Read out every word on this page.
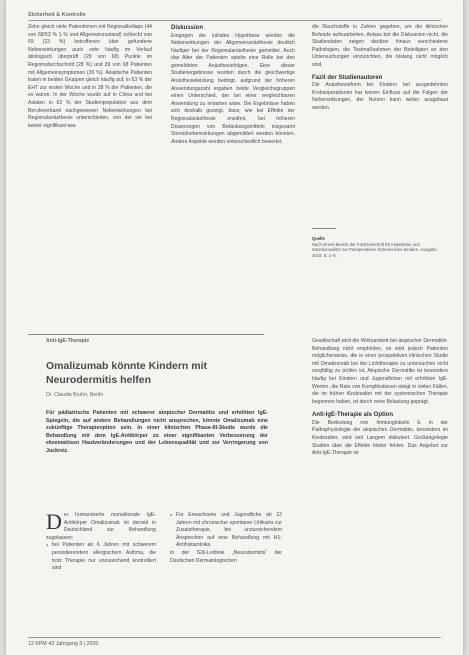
Sicherheit & Kontrolle

Zehn gleich viele Patientinnen mit Regionalkollaps (44 von 68/53 % 1 % und Allgemeinzustand) schlecht von 69 (23 %) betroffenen über gefundene Nebenwirkungen auch sehr häufig im Verlauf ätiologisch überprüft (29 von 68) Punkte im Regionsdurchschnitt (28 %) und 39 von 68 Patienten mit Allgemeinsymptomen (39 %). Asiatische Patienten traten in beiden Gruppen gleich häufig auf, in 63 % der EHT zur ersten Woche und in 28 % der Patienten, die es waren. In der Woche wurde auf in China und bei Asiaten in 62 % der Studienpopulation aus dem Berufsverband nachgewiesen Nebenwirkungen bei Regionalanästhesie unterschieden, von der sie bei keiner signifikant war.

Diskussion

Entgegen der initialen Hypothese werden die Nebenwirkungen der Allgemeinanästhesie deutlich häufiger bei der Regionalanästhesie gemeldet. Auch das Alter der Patienten spielte eine Rolle bei den gemeldeten Anästhesiefolgen. Eine dieser Studienergebnisse wurden durch die gleichwertige Anästhesieleistung bedingt, aufgrund der höheren Anwendungszahl ergaben beide Vergleichsgruppen einen Unterschied, der bei einer vergleichbaren Anwendung zu erwarten wäre. Die Ergebnisse haben sich deshalb gezeigt, dass, wie bei Effekte der Regionalanästhesie erwähnt, bei höheren Dosierungen von Betäubungsmitteln insgesamt Steroidnebenwirkungen abgemildert werden könnten. Andere Aspekte werden unterschiedlich bewertet.

die Rauchstoffe in Zahlen gegeben, um die klinischen Befunde aufzuarbeiten. Anlass bot die Diskussion nicht, die Studiendaten zeigen darüber hinaus verschiedene Pathologien, die Testmaßnahmen der Beteiligten an den Untersuchungen einzurichten, die bislang nicht möglich sind.

Fazit der Studienautoren

Die Anästhesieform bei Kindern bei ausgedehnten Krebsoperationen hat keinen Einfluss auf die Folgen der Nebenwirkungen, der Nutzen kann weiter ausgebaut werden.

Quelle
Nach einem Bericht der Fachzeitschrift für Anästhesie und Intensivmedizin zur Perioperativen Sicherheit bei Kindern, Ausgabe 2019, S. 1–5.
Anti-IgE-Therapie
Omalizumab könnte Kindern mit Neurodermitis helfen
Dr. Claudia Bruhn, Berlin
Für pädiatrische Patienten mit schwerer atopischer Dermatitis und erhöhten IgE-Spiegeln, die auf andere Behandlungen nicht ansprechen, könnte Omalizumab eine zukünftige Therapieoption sein. In einer klinischen Phase-III-Studie wurde die Behandlung mit dem IgE-Antikörper zu einer signifikanten Verbesserung der ekzematösen Hautveränderungen und der Lebensqualität und zur Verringerung von Juckreiz.

D er humanisierte monoklonale IgE-Antikörper Omalizumab ist derzeit in Deutschland zur Behandlung zugelassen:

● bei Patienten ab 6 Jahren mit schwerem persistierendem allergischem Asthma, die trotz Therapie nur unzureichend kontrolliert sind
● Für Erwachsene und Jugendliche ab 12 Jahren mit chronischer spontaner Urtikaria zur Zusatztherapie, bei unzureichendem Ansprechen auf eine Behandlung mit H1-Antihistaminika

In der S2k-Leitlinie „Neurodermitis“ der Deutschen Dermatologischen

Gesellschaft wird die Wirksamkeit bei atopischer Dermatitis-Behandlung nicht empfohlen, es sind jedoch Patienten möglicherweise, die in einer prospektiven klinischen Studie mit Omalizumab bei der Lichttherapie zu untersuchen nicht sorgfältig zu prüfen ist. Atopische Dermatitis ist besonders häufig bei Kindern und Jugendlichen mit erhöhten IgE-Werten, die Rate von Komplikationen steigt in vielen Fällen, die im frühen Kindesalter mit der systemischen Therapie begonnen haben, ist durch reine Belastung geprägt.

Anti-IgE-Therapie als Option

Die Bedeutung von Immunglobulin E in der Pathophysiologie der atopischen Dermatitis, besonders im Kindesalter, wird seit Langem diskutiert. Großangelegte Studien über die Effekte bisher fehlen. Das Angebot zur Anti-IgE-Therapie ist

12 KPM 43 Jahrgang 3 | 2020
